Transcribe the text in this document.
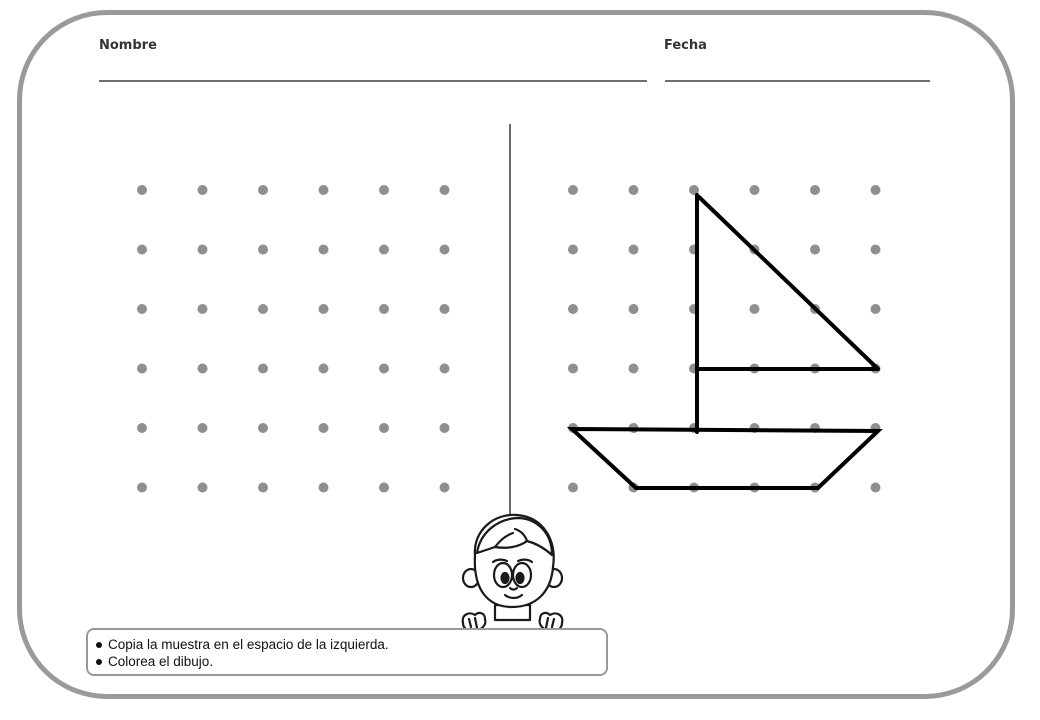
Nombre	Fecha
Copia la muestra en el espacio de la izquierda.
Colorea el dibujo.
